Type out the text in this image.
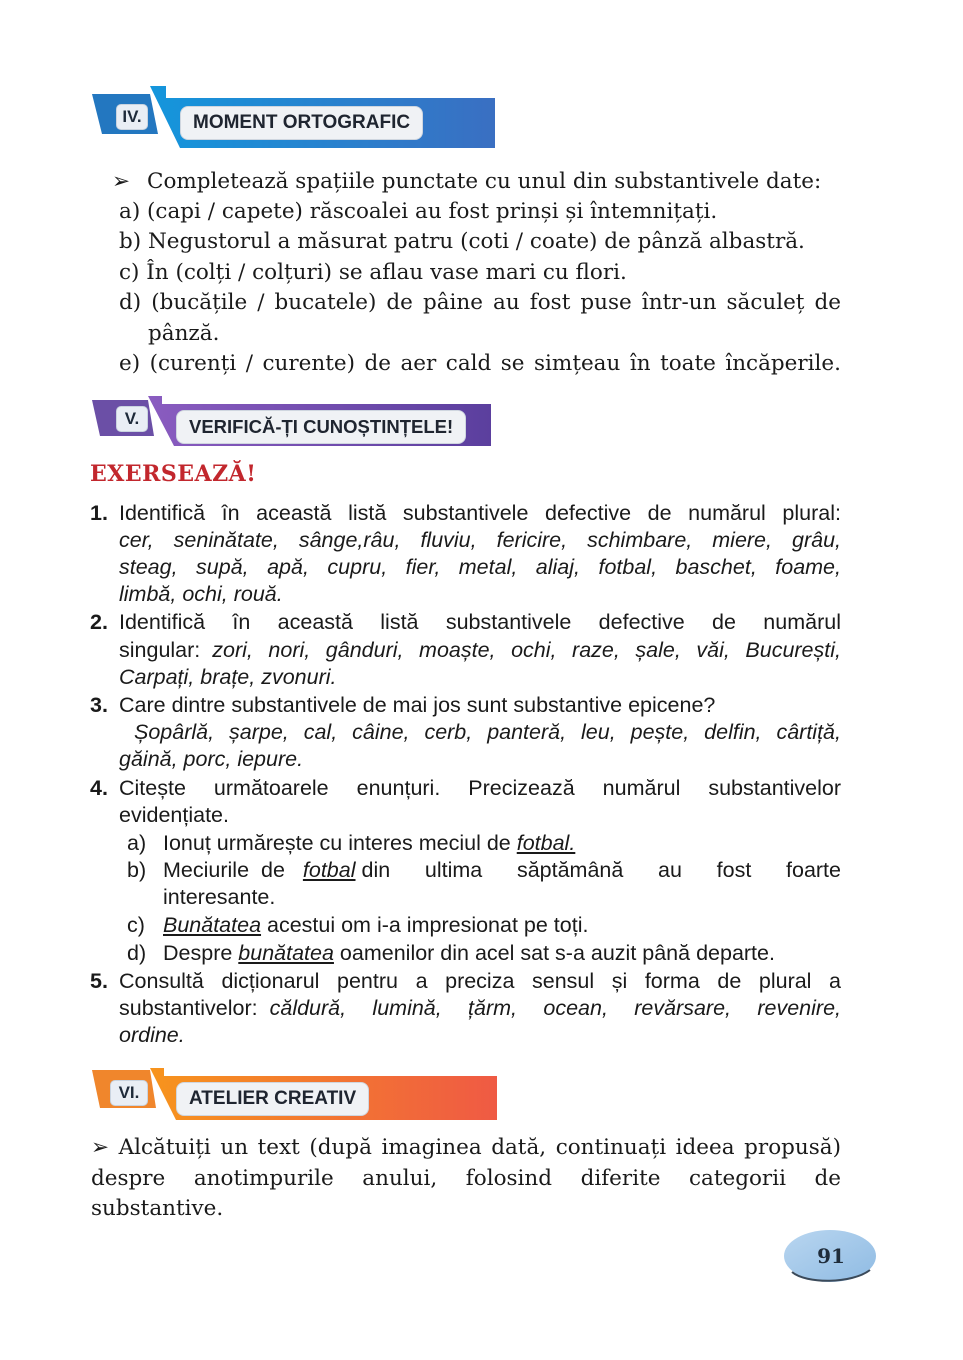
IV.	MOMENT ORTOGRAFIC
➢ Completează spațiile punctate cu unul din substantivele date:
a) (capi / capete) răscoalei au fost prinși și întemnițați.
b) Negustorul a măsurat patru (coti / coate) de pânză albastră.
c) În (colți / colțuri) se aflau vase mari cu flori.
d) (bucățile / bucatele) de pâine au fost puse într-un săculeț de
pânză.
e) (curenți / curente) de aer cald se simțeau în toate încăperile.
V.	VERIFICĂ-ȚI CUNOȘTINȚELE!
EXERSEAZĂ!
1. Identifică în această listă substantivele defective de numărul plural:
cer, seninătate, sânge,râu, fluviu, fericire, schimbare, miere, grâu,
steag, supă, apă, cupru, fier, metal, aliaj, fotbal, baschet, foame,
limbă, ochi, rouă.
2. Identifică în această listă substantivele defective de numărul
singular: zori, nori, gânduri, moaște, ochi, raze, șale, văi, București,
Carpați, brațe, zvonuri.
3. Care dintre substantivele de mai jos sunt substantive epicene?
Șopârlă, șarpe, cal, câine, cerb, panteră, leu, pește, delfin, cârtiță,
găină, porc, iepure.
4. Citește următoarele enunțuri. Precizează numărul substantivelor
evidențiate.
a) Ionuț urmărește cu interes meciul de fotbal.
b) Meciurile de fotbal din ultima săptămână au fost foarte
interesante.
c) Bunătatea acestui om i-a impresionat pe toți.
d) Despre bunătatea oamenilor din acel sat s-a auzit până departe.
5. Consultă dicționarul pentru a preciza sensul și forma de plural a
substantivelor: căldură, lumină, țărm, ocean, revărsare, revenire,
ordine.
VI.	ATELIER CREATIV
➢ Alcătuiți un text (după imaginea dată, continuați ideea propusă)
despre anotimpurile anului, folosind diferite categorii de
substantive.
91
